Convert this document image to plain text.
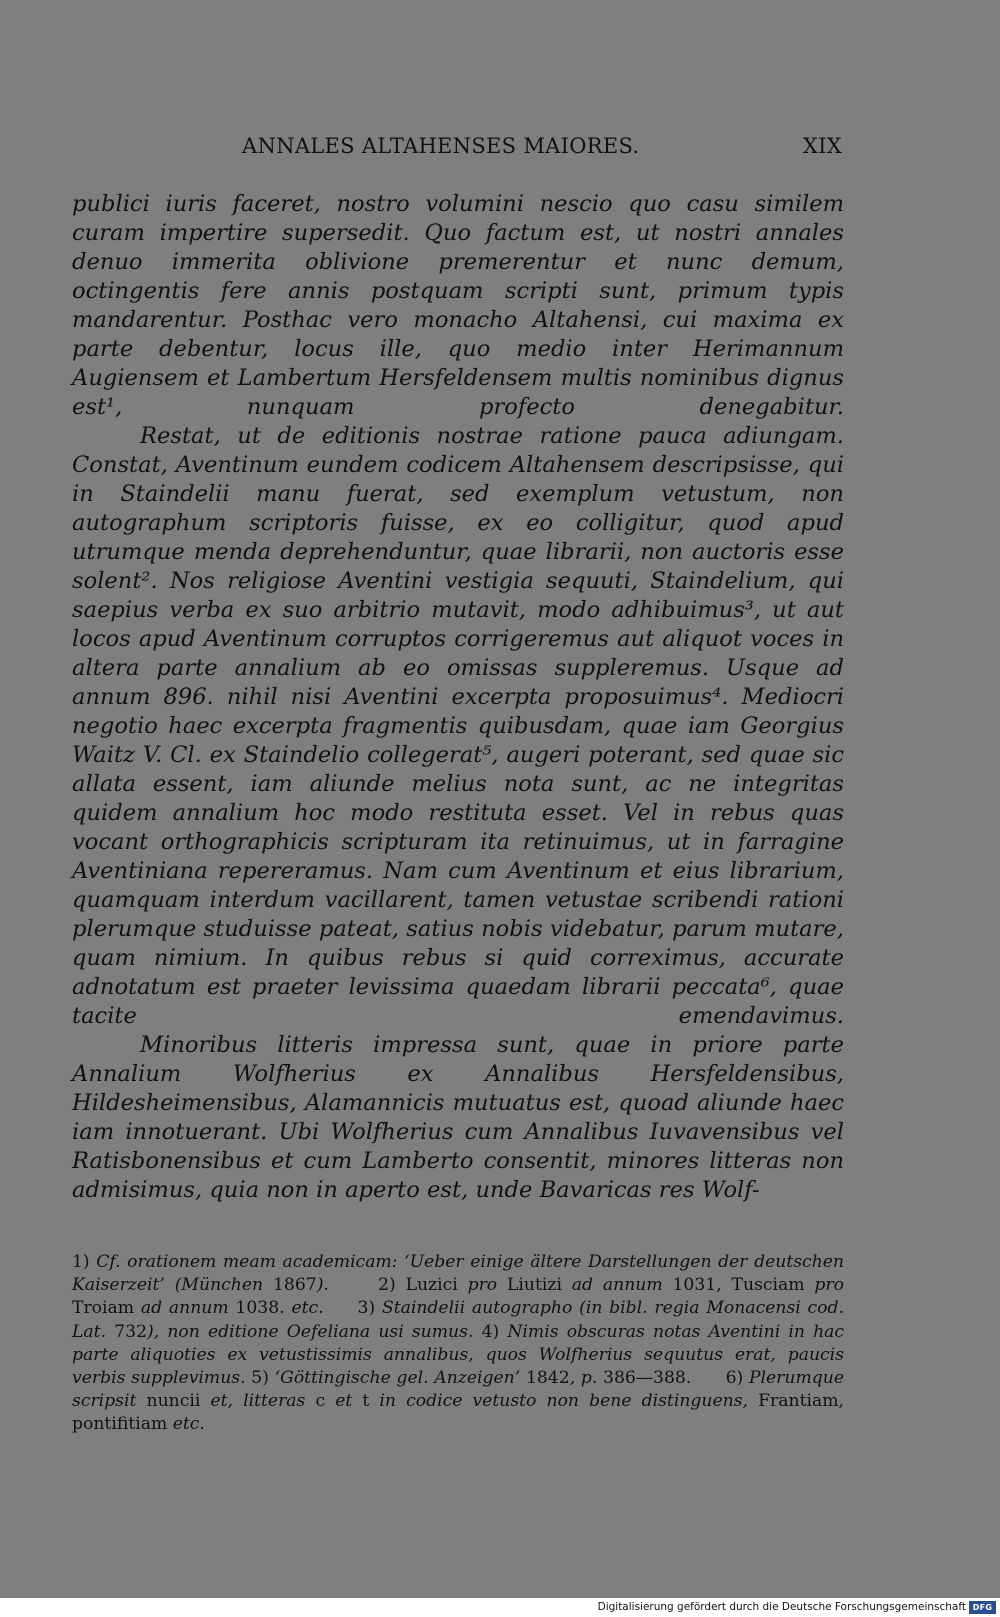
ANNALES ALTAHENSES MAIORES.	XIX

publici iuris faceret, nostro volumini nescio quo casu similem curam impertire supersedit. Quo factum est, ut nostri annales denuo immerita oblivione premerentur et nunc demum, octingentis fere annis postquam scripti sunt, primum typis mandarentur. Posthac vero monacho Altahensi, cui maxima ex parte debentur, locus ille, quo medio inter Herimannum Augiensem et Lambertum Hersfeldensem multis nominibus dignus est¹, nunquam profecto denegabitur.

Restat, ut de editionis nostrae ratione pauca adiungam. Constat, Aventinum eundem codicem Altahensem descripsisse, qui in Staindelii manu fuerat, sed exemplum vetustum, non autographum scriptoris fuisse, ex eo colligitur, quod apud utrumque menda deprehenduntur, quae librarii, non auctoris esse solent². Nos religiose Aventini vestigia sequuti, Staindelium, qui saepius verba ex suo arbitrio mutavit, modo adhibuimus³, ut aut locos apud Aventinum corruptos corrigeremus aut aliquot voces in altera parte annalium ab eo omissas suppleremus. Usque ad annum 896. nihil nisi Aventini excerpta proposuimus⁴. Mediocri negotio haec excerpta fragmentis quibusdam, quae iam Georgius Waitz V. Cl. ex Staindelio collegerat⁵, augeri poterant, sed quae sic allata essent, iam aliunde melius nota sunt, ac ne integritas quidem annalium hoc modo restituta esset. Vel in rebus quas vocant orthographicis scripturam ita retinuimus, ut in farragine Aventiniana repereramus. Nam cum Aventinum et eius librarium, quamquam interdum vacillarent, tamen vetustae scribendi rationi plerumque studuisse pateat, satius nobis videbatur, parum mutare, quam nimium. In quibus rebus si quid correximus, accurate adnotatum est praeter levissima quaedam librarii peccata⁶, quae tacite emendavimus.

Minoribus litteris impressa sunt, quae in priore parte Annalium Wolfherius ex Annalibus Hersfeldensibus, Hildesheimensibus, Alamannicis mutuatus est, quoad aliunde haec iam innotuerant. Ubi Wolfherius cum Annalibus Iuvavensibus vel Ratisbonensibus et cum Lamberto consentit, minores litteras non admisimus, quia non in aperto est, unde Bavaricas res Wolf-

1) Cf. orationem meam academicam: ‘Ueber einige ältere Darstellungen der deutschen Kaiserzeit’ (München 1867).	2) Luzici pro Liutizi ad annum 1031, Tusciam pro Troiam ad annum 1038. etc. 3) Staindelii autographo (in bibl. regia Monacensi cod. Lat. 732), non editione Oefeliana usi sumus. 4) Nimis obscuras notas Aventini in hac parte aliquoties ex vetustissimis annalibus, quos Wolfherius sequutus erat, paucis verbis supplevimus. 5) ‘Göttingische gel. Anzeigen’ 1842, p. 386—388. 6) Plerumque scripsit nuncii et, litteras c et t in codice vetusto non bene distinguens, Frantiam, pontifitiam etc.

Digitalisierung gefördert durch die Deutsche Forschungsgemeinschaft DFG
